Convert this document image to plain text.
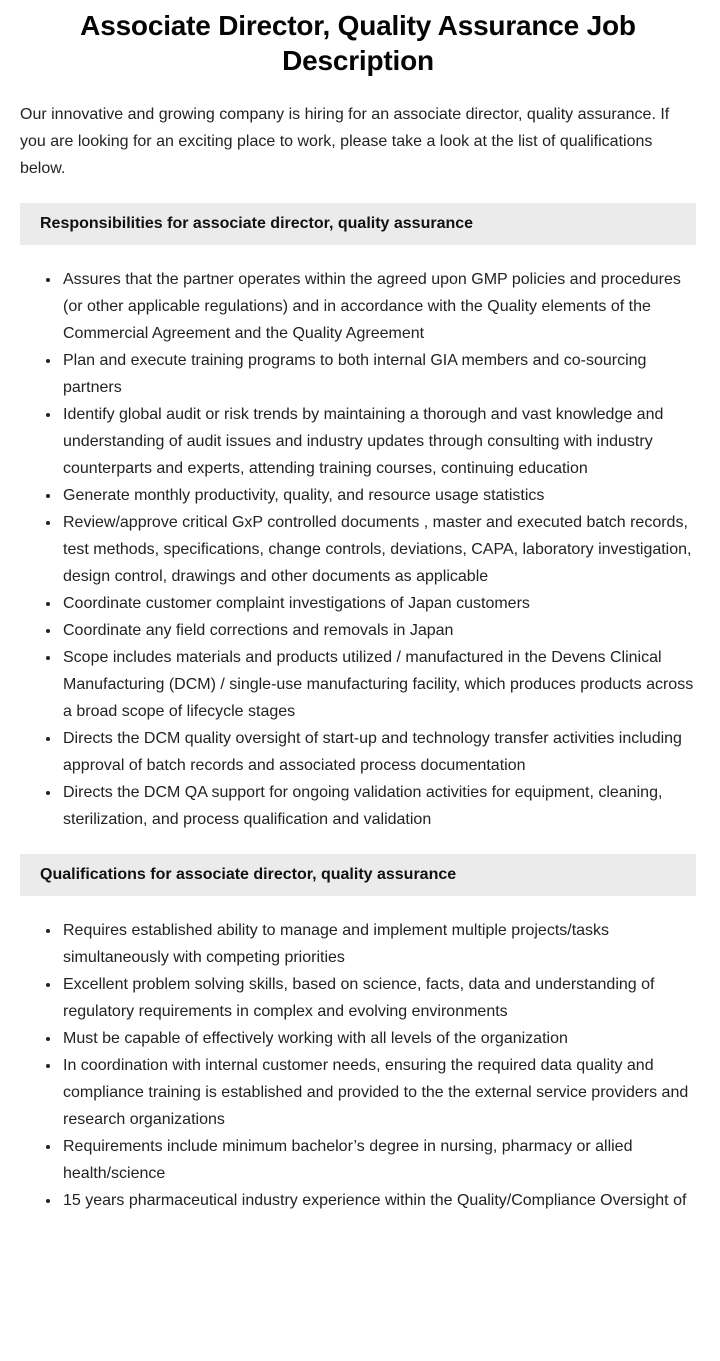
Associate Director, Quality Assurance Job Description

Our innovative and growing company is hiring for an associate director, quality assurance. If you are looking for an exciting place to work, please take a look at the list of qualifications below.

Responsibilities for associate director, quality assurance
• Assures that the partner operates within the agreed upon GMP policies and procedures (or other applicable regulations) and in accordance with the Quality elements of the Commercial Agreement and the Quality Agreement
• Plan and execute training programs to both internal GIA members and co-sourcing partners
• Identify global audit or risk trends by maintaining a thorough and vast knowledge and understanding of audit issues and industry updates through consulting with industry counterparts and experts, attending training courses, continuing education
• Generate monthly productivity, quality, and resource usage statistics
• Review/approve critical GxP controlled documents , master and executed batch records, test methods, specifications, change controls, deviations, CAPA, laboratory investigation, design control, drawings and other documents as applicable
• Coordinate customer complaint investigations of Japan customers
• Coordinate any field corrections and removals in Japan
• Scope includes materials and products utilized / manufactured in the Devens Clinical Manufacturing (DCM) / single-use manufacturing facility, which produces products across a broad scope of lifecycle stages
• Directs the DCM quality oversight of start-up and technology transfer activities including approval of batch records and associated process documentation
• Directs the DCM QA support for ongoing validation activities for equipment, cleaning, sterilization, and process qualification and validation
Qualifications for associate director, quality assurance
• Requires established ability to manage and implement multiple projects/tasks simultaneously with competing priorities
• Excellent problem solving skills, based on science, facts, data and understanding of regulatory requirements in complex and evolving environments
• Must be capable of effectively working with all levels of the organization
• In coordination with internal customer needs, ensuring the required data quality and compliance training is established and provided to the the external service providers and research organizations
• Requirements include minimum bachelor’s degree in nursing, pharmacy or allied health/science
• 15 years pharmaceutical industry experience within the Quality/Compliance Oversight of
